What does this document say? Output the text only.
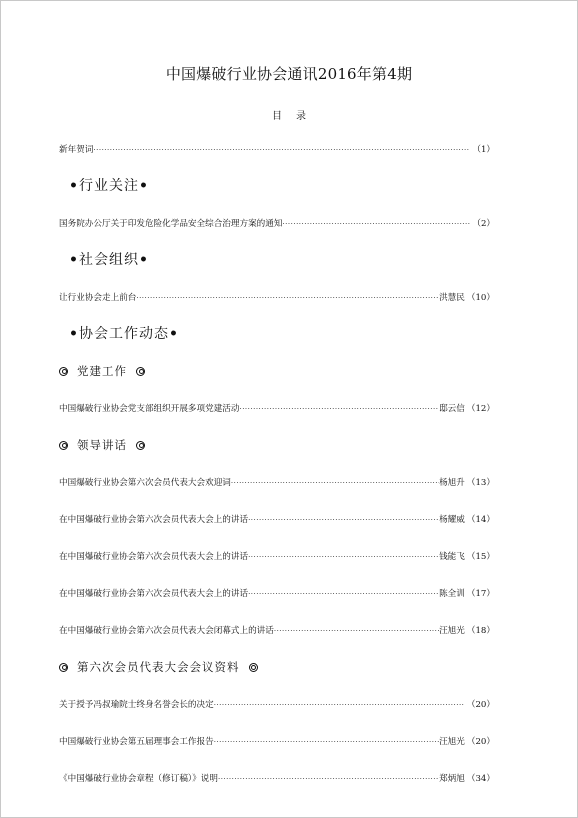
中国爆破行业协会通讯2016年第4期
目录
新年贺词 ·····	（1）
•行业关注•
国务院办公厅关于印发危险化学品安全综合治理方案的通知 ·····	（2）
•社会组织•
让行业协会走上前台 ·····	洪慧民 （10）
•协会工作动态•
党建工作
中国爆破行业协会党支部组织开展多项党建活动 ·····	邸云信 （12）
领导讲话
中国爆破行业协会第六次会员代表大会欢迎词 ·····	杨旭升 （13）
在中国爆破行业协会第六次会员代表大会上的讲话 ·····	杨耀威 （14）
在中国爆破行业协会第六次会员代表大会上的讲话 ·····	钱能飞 （15）
在中国爆破行业协会第六次会员代表大会上的讲话 ·····	陈全训 （17）
在中国爆破行业协会第六次会员代表大会闭幕式上的讲话 ·····	汪旭光 （18）
第六次会员代表大会会议资料
关于授予冯叔瑜院士终身名誉会长的决定 ·····	（20）
中国爆破行业协会第五届理事会工作报告 ·····	汪旭光 （20）
《中国爆破行业协会章程（修订稿）》说明 ·····	郑炳旭 （34）
